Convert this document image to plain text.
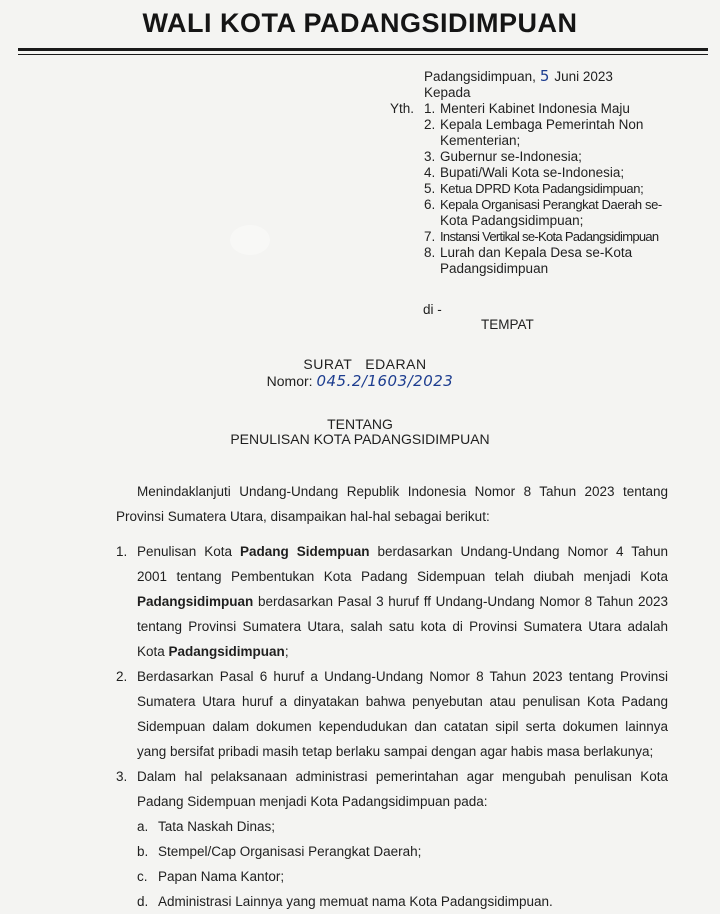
WALI KOTA PADANGSIDIMPUAN
Padangsidimpuan, 5 Juni 2023
Kepada
Yth. 1. Menteri Kabinet Indonesia Maju
2. Kepala Lembaga Pemerintah Non
Kementerian;
3. Gubernur se-Indonesia;
4. Bupati/Wali Kota se-Indonesia;
5. Ketua DPRD Kota Padangsidimpuan;
6. Kepala Organisasi Perangkat Daerah se-
Kota Padangsidimpuan;
7. Instansi Vertikal se-Kota Padangsidimpuan
8. Lurah dan Kepala Desa se-Kota
Padangsidimpuan
di -
TEMPAT
SURAT   EDARAN
Nomor: 045.2/1603/2023
TENTANG
PENULISAN KOTA PADANGSIDIMPUAN

Menindaklanjuti Undang-Undang Republik Indonesia Nomor 8 Tahun 2023 tentang Provinsi Sumatera Utara, disampaikan hal-hal sebagai berikut:

1. Penulisan Kota Padang Sidempuan berdasarkan Undang-Undang Nomor 4 Tahun 2001 tentang Pembentukan Kota Padang Sidempuan telah diubah menjadi Kota Padangsidimpuan berdasarkan Pasal 3 huruf ff Undang-Undang Nomor 8 Tahun 2023 tentang Provinsi Sumatera Utara, salah satu kota di Provinsi Sumatera Utara adalah Kota Padangsidimpuan;
2. Berdasarkan Pasal 6 huruf a Undang-Undang Nomor 8 Tahun 2023 tentang Provinsi Sumatera Utara huruf a dinyatakan bahwa penyebutan atau penulisan Kota Padang Sidempuan dalam dokumen kependudukan dan catatan sipil serta dokumen lainnya yang bersifat pribadi masih tetap berlaku sampai dengan agar habis masa berlakunya;
3. Dalam hal pelaksanaan administrasi pemerintahan agar mengubah penulisan Kota Padang Sidempuan menjadi Kota Padangsidimpuan pada:
a. Tata Naskah Dinas;
b. Stempel/Cap Organisasi Perangkat Daerah;
c. Papan Nama Kantor;
d. Administrasi Lainnya yang memuat nama Kota Padangsidimpuan.
